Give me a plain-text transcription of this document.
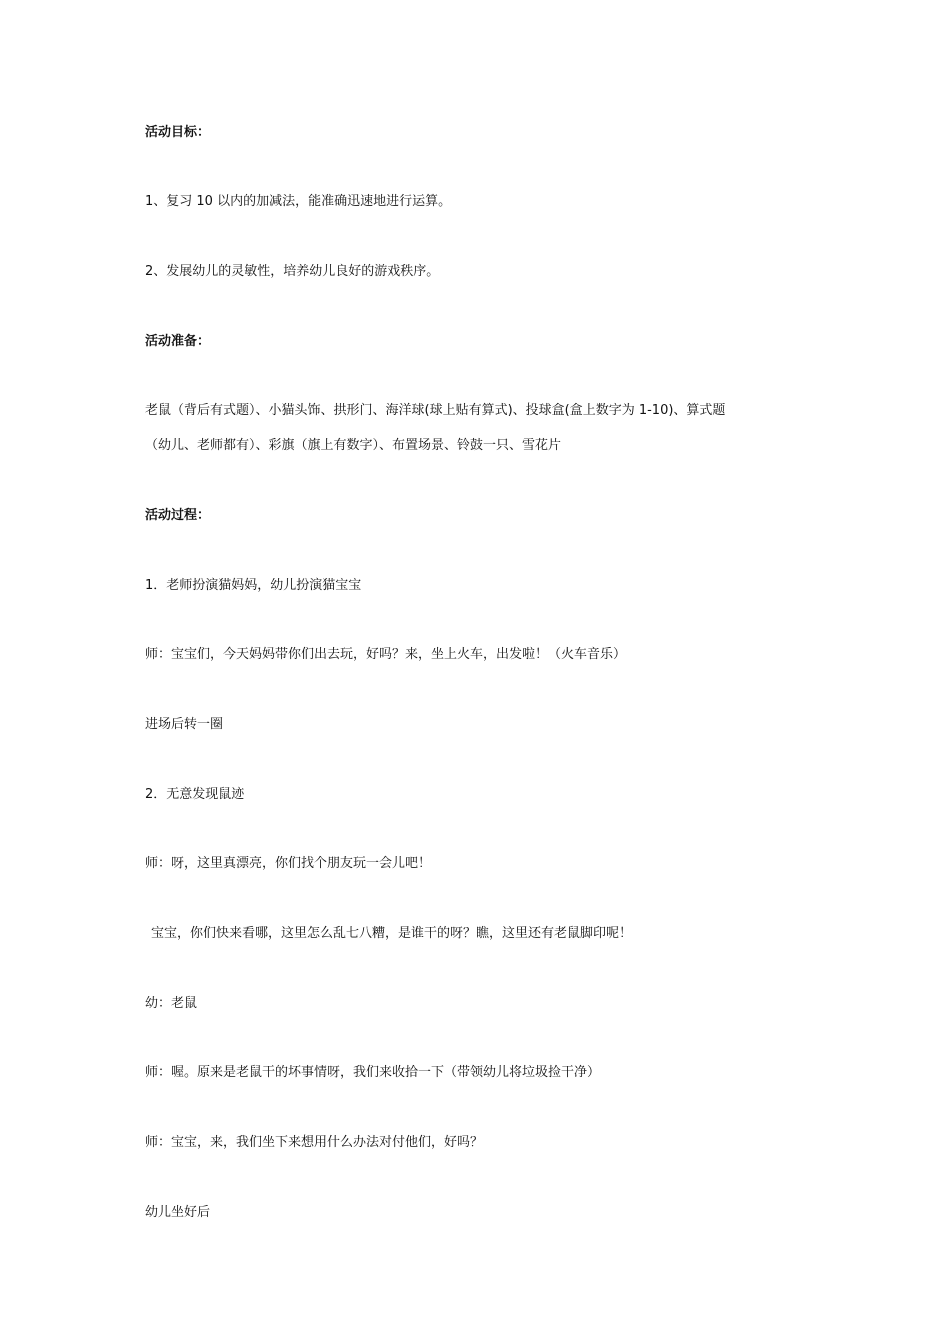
活动目标：
1、复习 10 以内的加减法，能准确迅速地进行运算。
2、发展幼儿的灵敏性，培养幼儿良好的游戏秩序。
活动准备：
老鼠（背后有式题）、小猫头饰、拱形门、海洋球(球上贴有算式)、投球盒(盒上数字为 1-10)、算式题
（幼儿、老师都有）、彩旗（旗上有数字）、布置场景、铃鼓一只、雪花片
活动过程：
1．老师扮演猫妈妈，幼儿扮演猫宝宝
师：宝宝们，今天妈妈带你们出去玩，好吗？来，坐上火车，出发啦！（火车音乐）
进场后转一圈
2．无意发现鼠迹
师：呀，这里真漂亮，你们找个朋友玩一会儿吧！
宝宝，你们快来看哪，这里怎么乱七八糟，是谁干的呀？瞧，这里还有老鼠脚印呢！
幼：老鼠
师：喔。原来是老鼠干的坏事情呀，我们来收拾一下（带领幼儿将垃圾捡干净）
师：宝宝，来，我们坐下来想用什么办法对付他们，好吗？
幼儿坐好后
